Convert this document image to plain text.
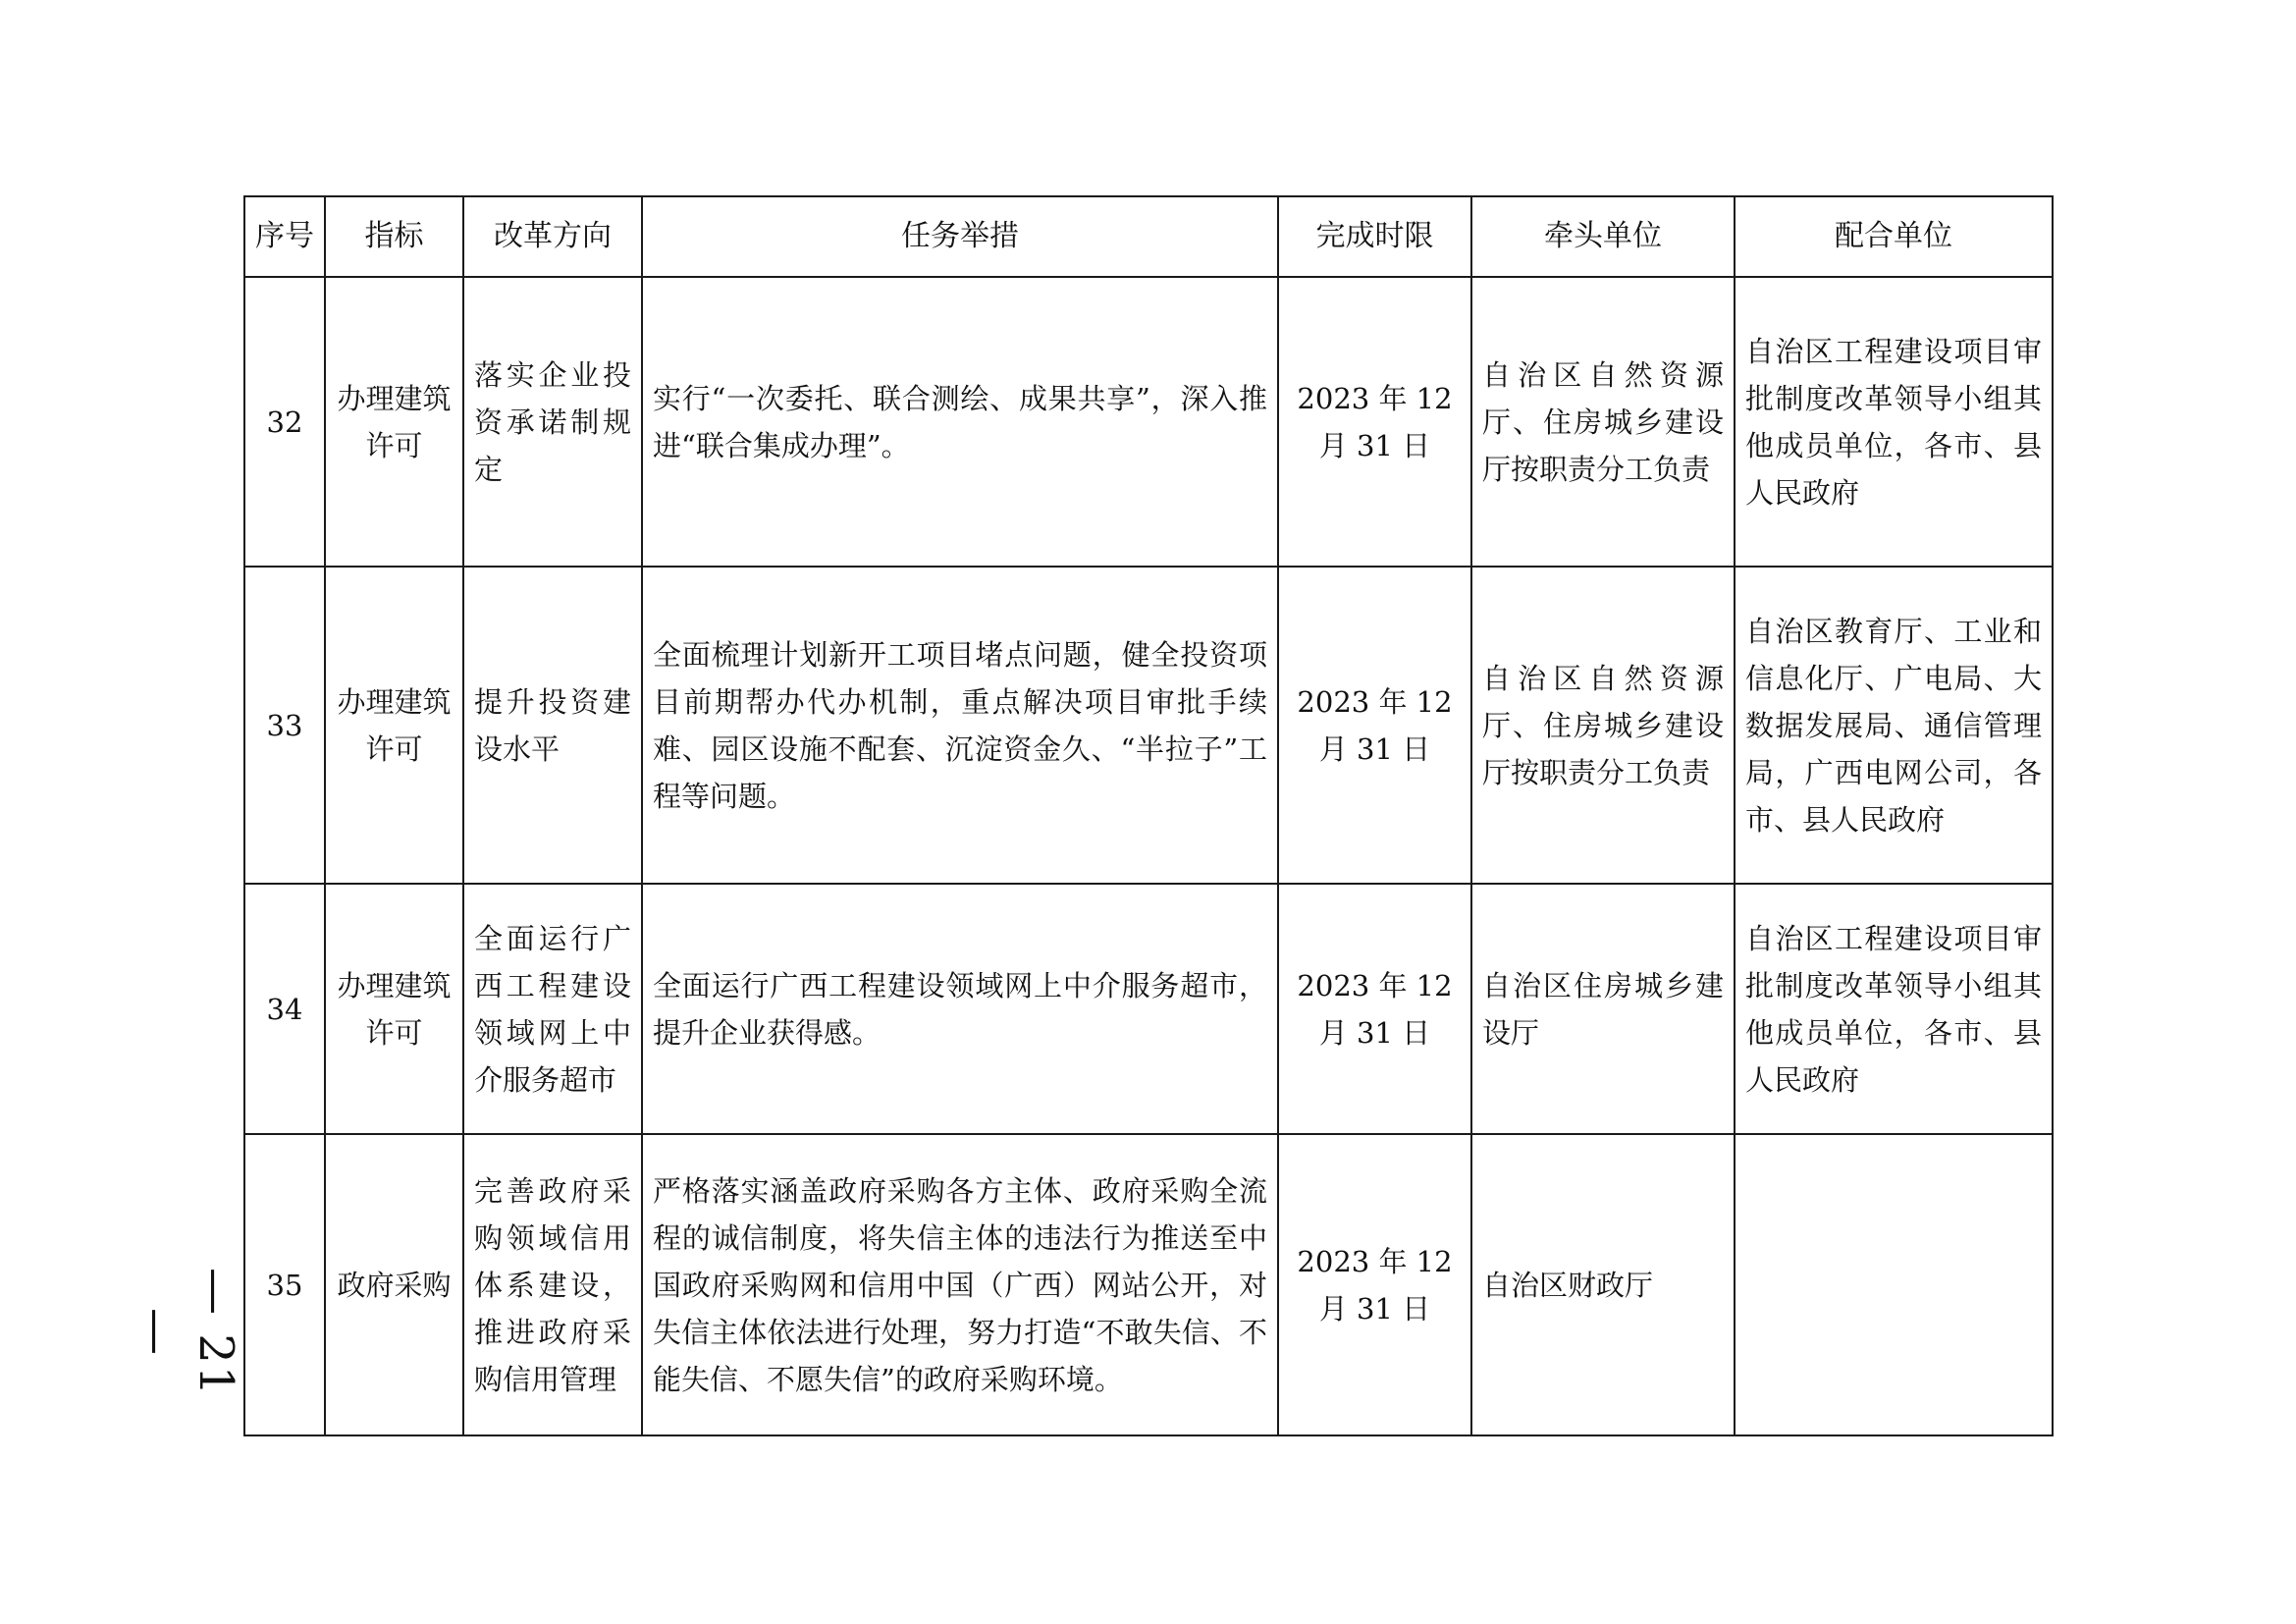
序号	指标	改革方向	任务举措	完成时限	牵头单位	配合单位
32	办理建筑许可	落实企业投资承诺制规定	实行“一次委托、联合测绘、成果共享”，深入推进“联合集成办理”。	2023 年 12 月 31 日	自治区自然资源厅、住房城乡建设厅按职责分工负责	自治区工程建设项目审批制度改革领导小组其他成员单位，各市、县人民政府
33	办理建筑许可	提升投资建设水平	全面梳理计划新开工项目堵点问题，健全投资项目前期帮办代办机制，重点解决项目审批手续难、园区设施不配套、沉淀资金久、“半拉子”工程等问题。	2023 年 12 月 31 日	自治区自然资源厅、住房城乡建设厅按职责分工负责	自治区教育厅、工业和信息化厅、广电局、大数据发展局、通信管理局，广西电网公司，各市、县人民政府
34	办理建筑许可	全面运行广西工程建设领域网上中介服务超市	全面运行广西工程建设领域网上中介服务超市，提升企业获得感。	2023 年 12 月 31 日	自治区住房城乡建设厅	自治区工程建设项目审批制度改革领导小组其他成员单位，各市、县人民政府
35	政府采购	完善政府采购领域信用体系建设，推进政府采购信用管理	严格落实涵盖政府采购各方主体、政府采购全流程的诚信制度，将失信主体的违法行为推送至中国政府采购网和信用中国（广西）网站公开，对失信主体依法进行处理，努力打造“不敢失信、不能失信、不愿失信”的政府采购环境。	2023 年 12 月 31 日	自治区财政厅	
— 21 —
